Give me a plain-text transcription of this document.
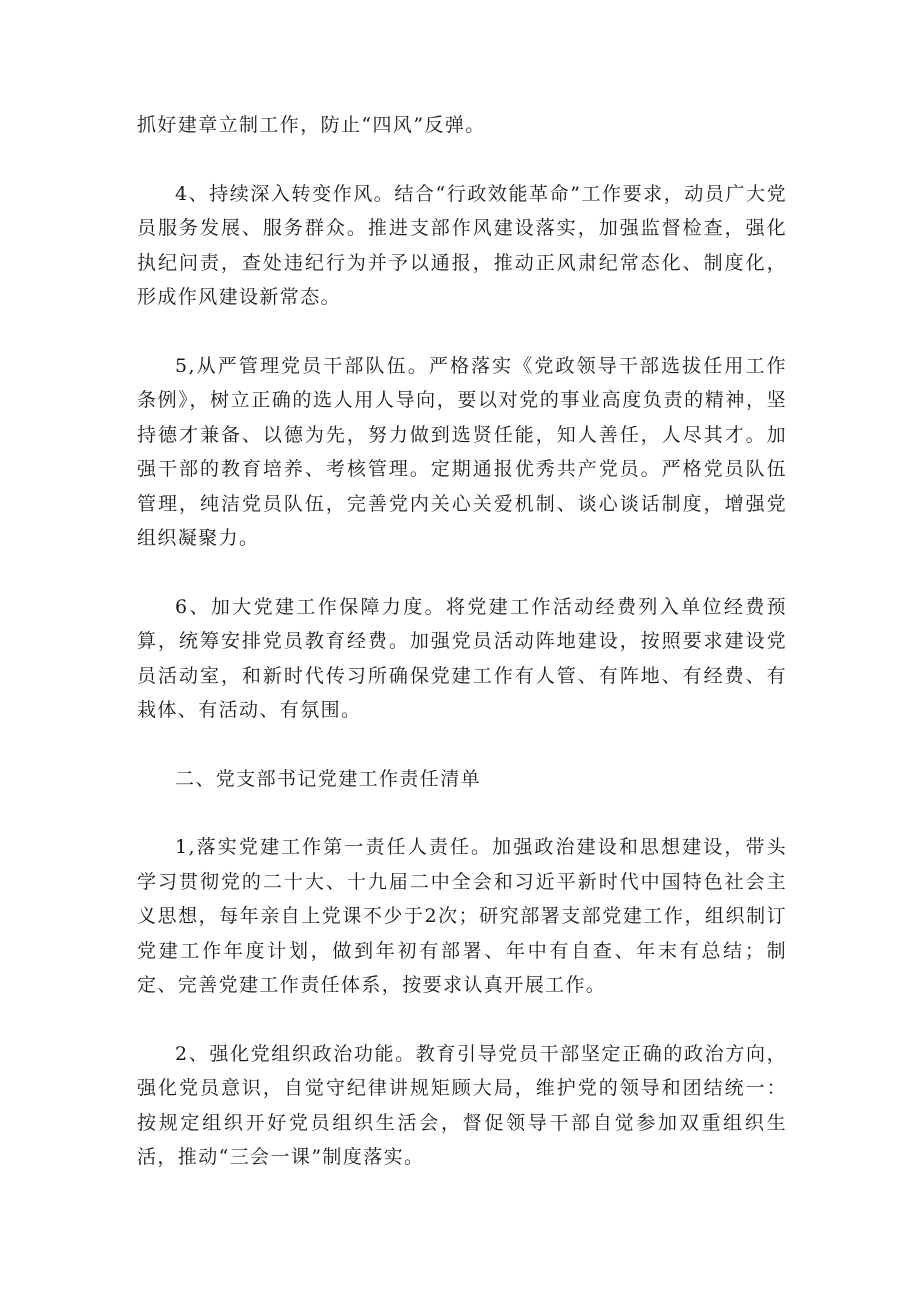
抓好建章立制工作，防止“四风”反弹。

4、持续深入转变作风。结合“行政效能革命”工作要求，动员广大党员服务发展、服务群众。推进支部作风建设落实，加强监督检查，强化执纪问责，查处违纪行为并予以通报，推动正风肃纪常态化、制度化，形成作风建设新常态。

5,从严管理党员干部队伍。严格落实《党政领导干部选拔任用工作条例》，树立正确的选人用人导向，要以对党的事业高度负责的精神，坚持德才兼备、以德为先，努力做到选贤任能，知人善任，人尽其才。加强干部的教育培养、考核管理。定期通报优秀共产党员。严格党员队伍管理，纯洁党员队伍，完善党内关心关爱机制、谈心谈话制度，增强党组织凝聚力。

6、加大党建工作保障力度。将党建工作活动经费列入单位经费预算，统筹安排党员教育经费。加强党员活动阵地建设，按照要求建设党员活动室，和新时代传习所确保党建工作有人管、有阵地、有经费、有栽体、有活动、有氛围。

二、党支部书记党建工作责任清单

1,落实党建工作第一责任人责任。加强政治建设和思想建设，带头学习贯彻党的二十大、十九届二中全会和习近平新时代中国特色社会主义思想，每年亲自上党课不少于2次；研究部署支部党建工作，组织制订党建工作年度计划，做到年初有部署、年中有自查、年末有总结；制定、完善党建工作责任体系，按要求认真开展工作。

2、强化党组织政治功能。教育引导党员干部坚定正确的政治方向，强化党员意识，自觉守纪律讲规矩顾大局，维护党的领导和团结统一：按规定组织开好党员组织生活会，督促领导干部自觉参加双重组织生活，推动“三会一课”制度落实。
